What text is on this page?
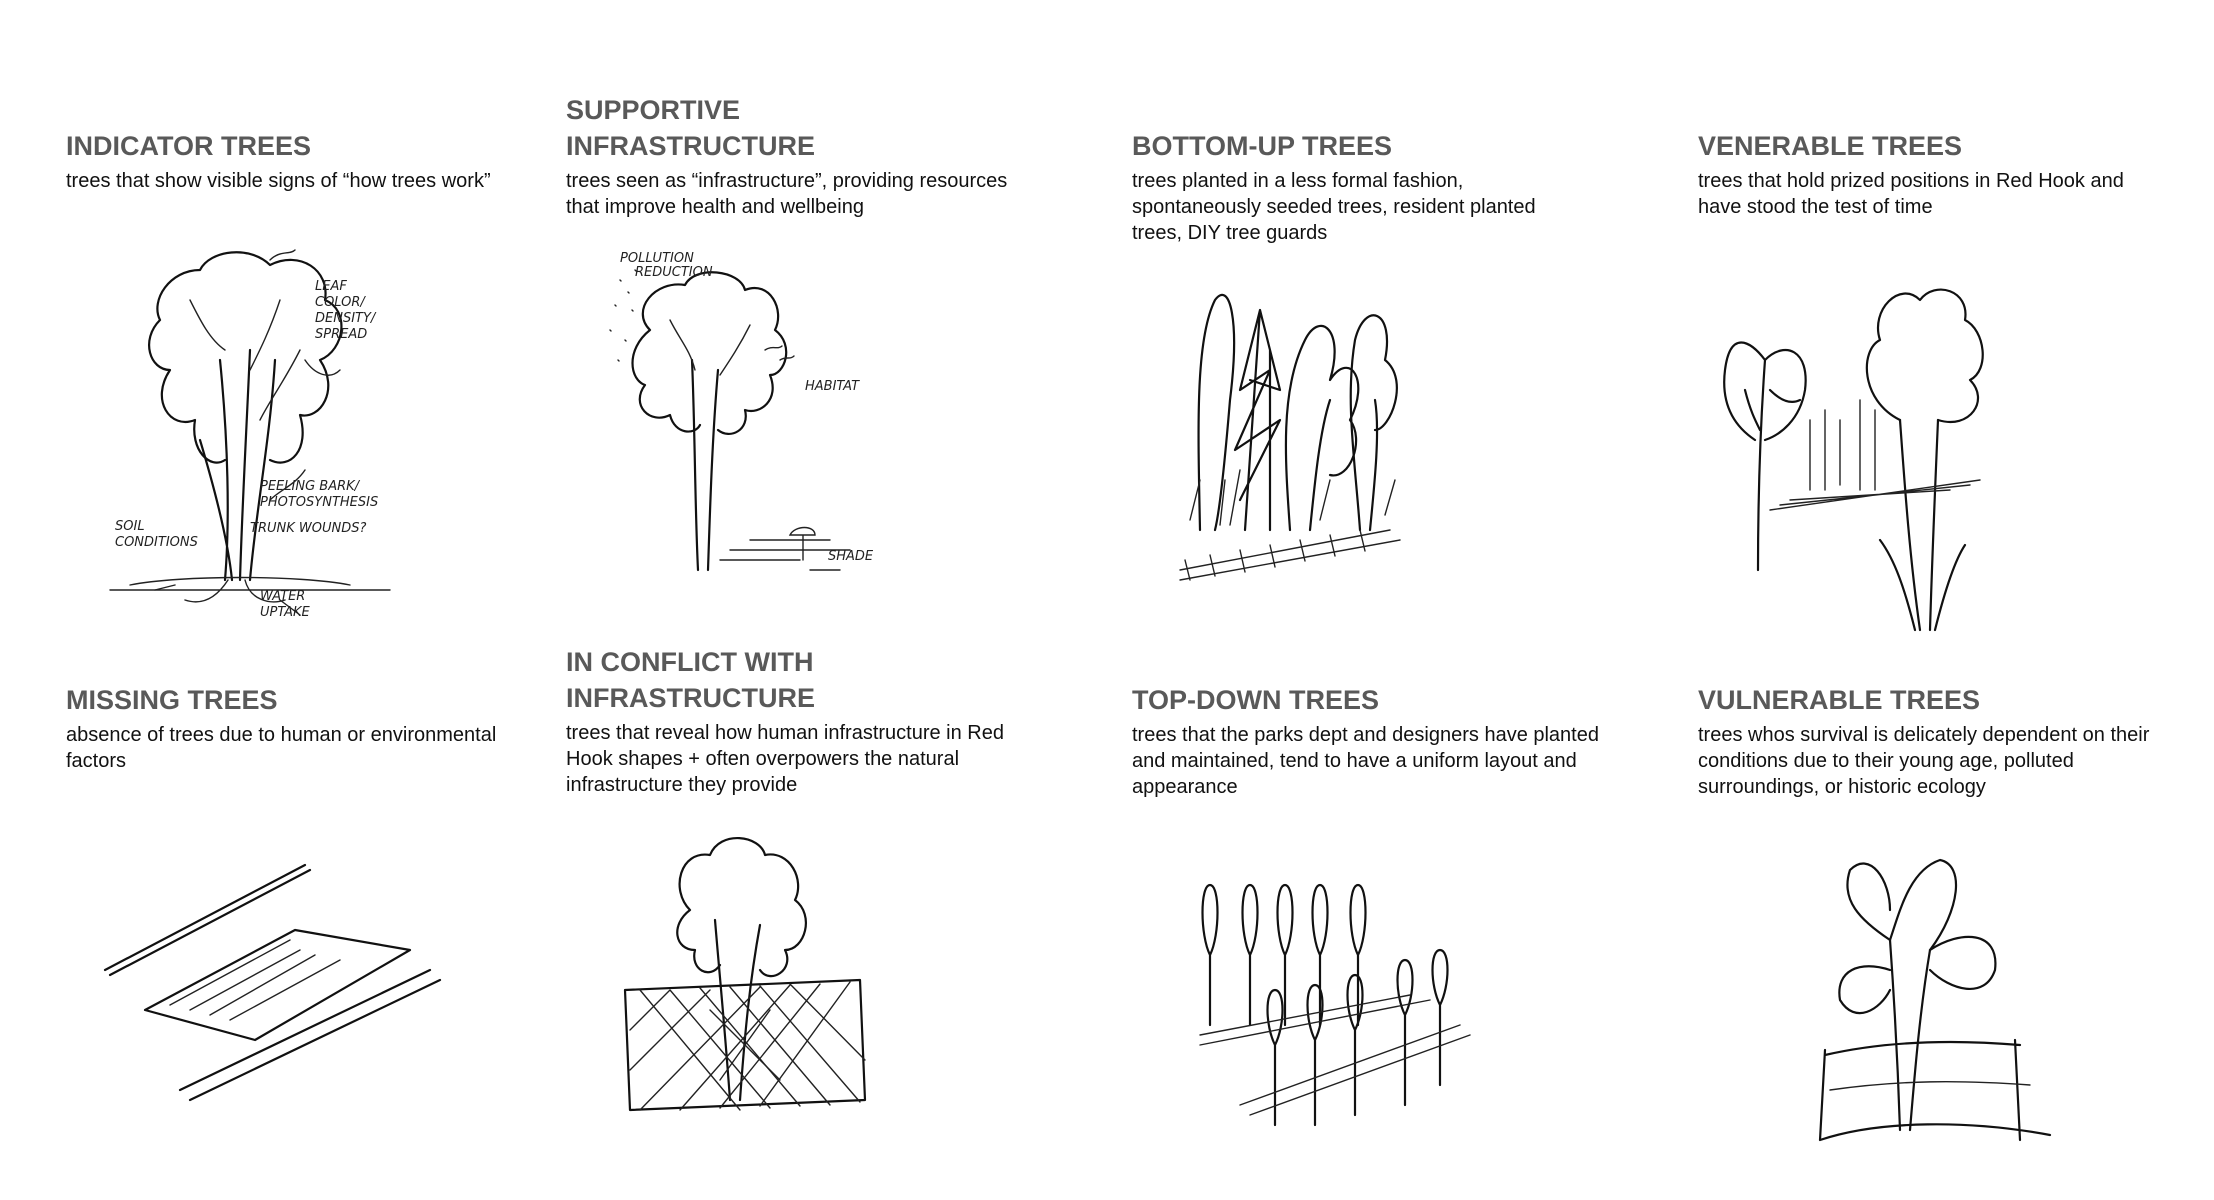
INDICATOR TREES
trees that show visible signs of “how trees work”
SUPPORTIVE INFRASTRUCTURE
trees seen as “infrastructure”, providing resources that improve health and wellbeing
BOTTOM-UP TREES
trees planted in a less formal fashion, spontaneously seeded trees, resident planted trees, DIY tree guards
VENERABLE TREES
trees that hold prized positions in Red Hook and have stood the test of time
MISSING TREES
absence of trees due to human or environmental factors
IN CONFLICT WITH INFRASTRUCTURE
trees that reveal how human infrastructure in Red Hook shapes + often overpowers the natural infrastructure they provide
TOP-DOWN TREES
trees that the parks dept and designers have planted and maintained, tend to have a uniform layout and appearance
VULNERABLE TREES
trees whos survival is delicately dependent on their conditions due to their young age, polluted surroundings, or historic ecology
LEAF
COLOR/
DENSITY/
SPREAD
PEELING BARK/
PHOTOSYNTHESIS
TRUNK WOUNDS?
SOIL
CONDITIONS
WATER
UPTAKE
POLLUTION
REDUCTION
HABITAT
SHADE
